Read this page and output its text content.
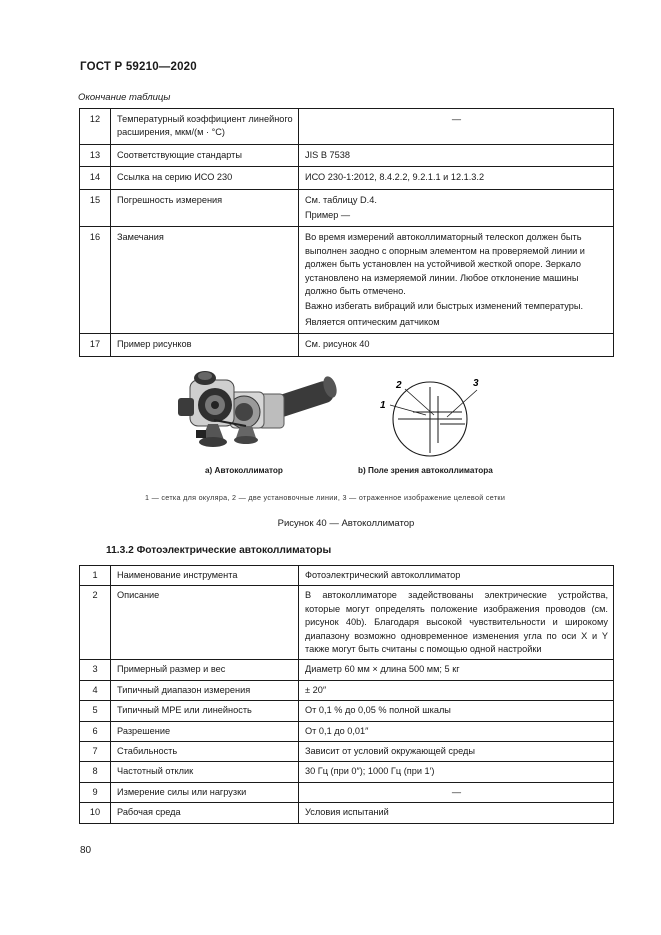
ГОСТ Р 59210—2020
Окончание таблицы
12	Температурный коэффициент линейного расширения, мкм/(м · °C)	—

13	Соответствующие стандарты	JIS B 7538

14	Ссылка на серию ИСО 230	ИСО 230-1:2012, 8.4.2.2, 9.2.1.1 и 12.1.3.2

15	Погрешность измерения	См. таблицу D.4.
Пример —

16	Замечания	Во время измерений автоколлиматорный телескоп должен быть выполнен заодно с опорным элементом на проверяемой линии и должен быть установлен на устойчивой жесткой опоре. Зеркало установлено на измеряемой линии. Любое отклонение машины должно быть отмечено.
Важно избегать вибраций или быстрых изменений температуры.
Является оптическим датчиком

17	Пример рисунков	См. рисунок 40
2	3
1
а) Автоколлиматор	b) Поле зрения автоколлиматора
1 — сетка для окуляра, 2 — две установочные линии, 3 — отраженное изображение целевой сетки
Рисунок 40 — Автоколлиматор
11.3.2 Фотоэлектрические автоколлиматоры
1	Наименование инструмента	Фотоэлектрический автоколлиматор

2	Описание	В автоколлиматоре задействованы электрические устройства, которые могут определять положение изображения проводов (см. рисунок 40b). Благодаря высокой чувствительности и широкому диапазону возможно одновременное изменения угла по оси X и Y также могут быть считаны с помощью одной настройки

3	Примерный размер и вес	Диаметр 60 мм × длина 500 мм; 5 кг

4	Типичный диапазон измерения	± 20″

5	Типичный MPE или линейность	От 0,1 % до 0,05 % полной шкалы

6	Разрешение	От 0,1 до 0,01″

7	Стабильность	Зависит от условий окружающей среды

8	Частотный отклик	30 Гц (при 0″); 1000 Гц (при 1′)

9	Измерение силы или нагрузки	—

10	Рабочая среда	Условия испытаний
80
